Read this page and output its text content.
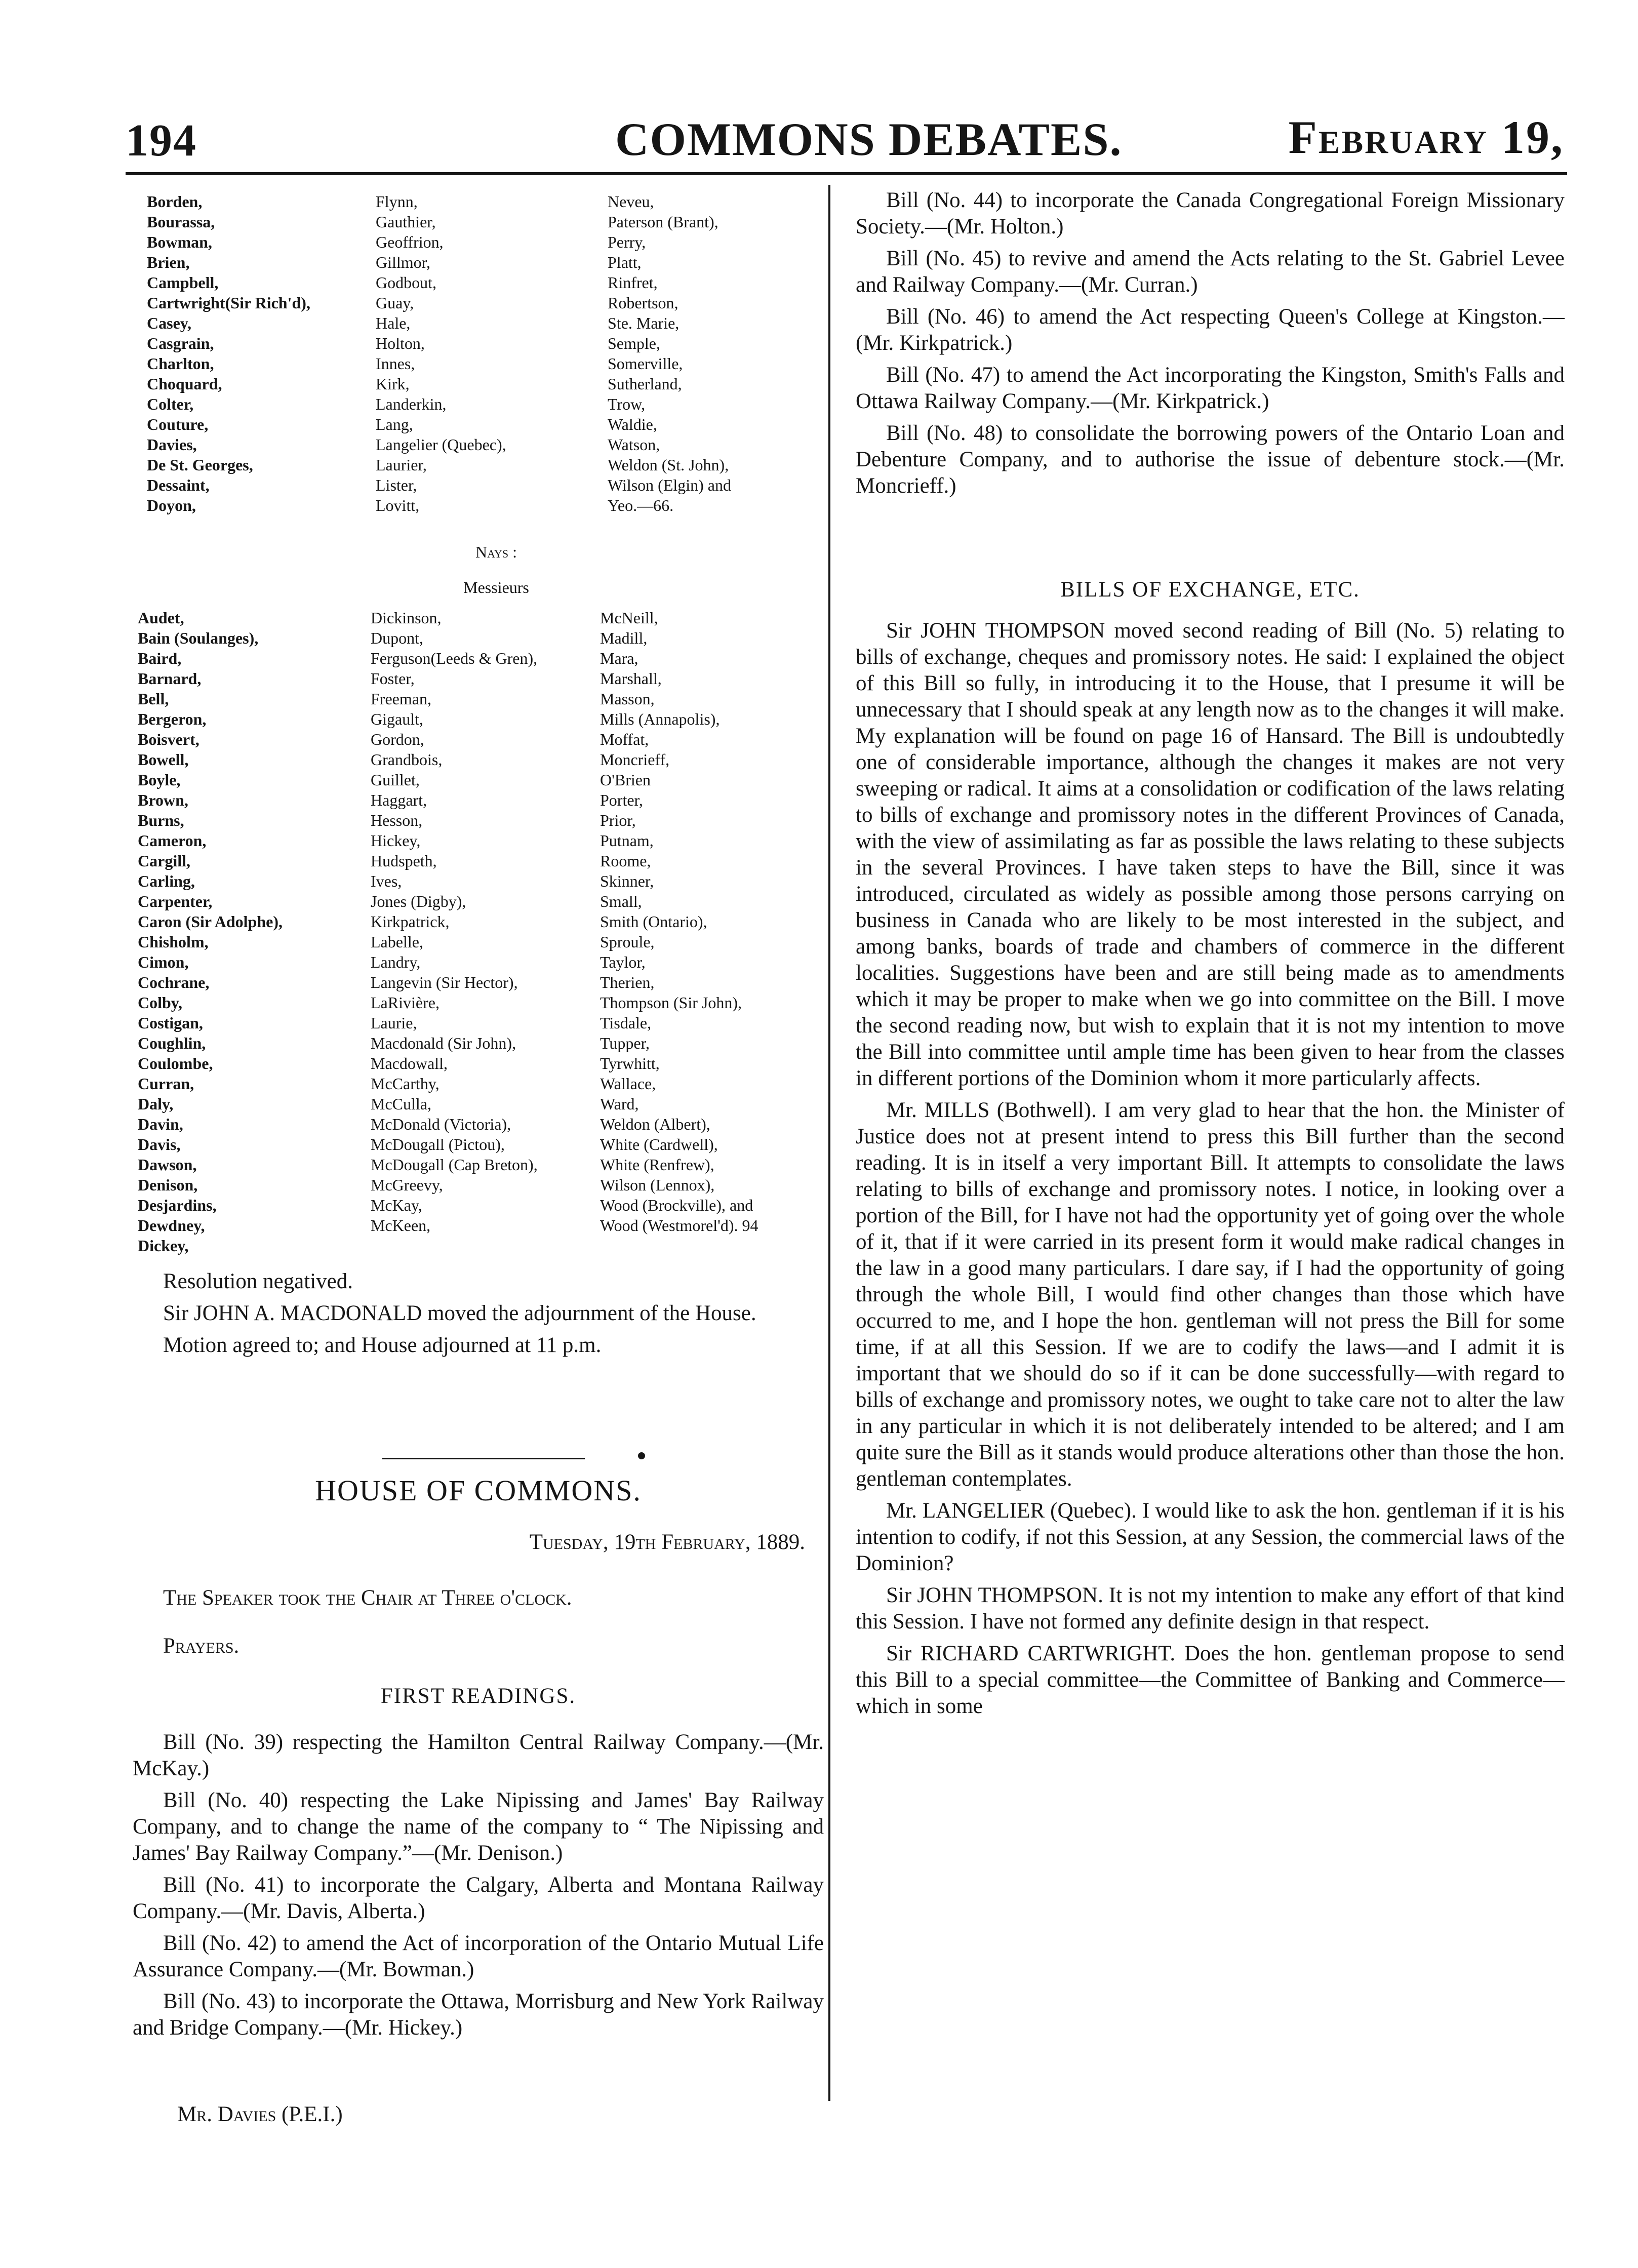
194	COMMONS DEBATES.	February 19,
Borden,
Bourassa,
Bowman,
Brien,
Campbell,
Cartwright(Sir Rich'd),
Casey,
Casgrain,
Charlton,
Choquard,
Colter,
Couture,
Davies,
De St. Georges,
Dessaint,
Doyon,
Flynn,
Gauthier,
Geoffrion,
Gillmor,
Godbout,
Guay,
Hale,
Holton,
Innes,
Kirk,
Landerkin,
Lang,
Langelier (Quebec),
Laurier,
Lister,
Lovitt,
Neveu,
Paterson (Brant),
Perry,
Platt,
Rinfret,
Robertson,
Ste. Marie,
Semple,
Somerville,
Sutherland,
Trow,
Waldie,
Watson,
Weldon (St. John),
Wilson (Elgin) and
Yeo.—66.
Nays :
Messieurs
Audet,
Bain (Soulanges),
Baird,
Barnard,
Bell,
Bergeron,
Boisvert,
Bowell,
Boyle,
Brown,
Burns,
Cameron,
Cargill,
Carling,
Carpenter,
Caron (Sir Adolphe),
Chisholm,
Cimon,
Cochrane,
Colby,
Costigan,
Coughlin,
Coulombe,
Curran,
Daly,
Davin,
Davis,
Dawson,
Denison,
Desjardins,
Dewdney,
Dickey,
Dickinson,
Dupont,
Ferguson(Leeds & Gren),
Foster,
Freeman,
Gigault,
Gordon,
Grandbois,
Guillet,
Haggart,
Hesson,
Hickey,
Hudspeth,
Ives,
Jones (Digby),
Kirkpatrick,
Labelle,
Landry,
Langevin (Sir Hector),
LaRivière,
Laurie,
Macdonald (Sir John),
Macdowall,
McCarthy,
McCulla,
McDonald (Victoria),
McDougall (Pictou),
McDougall (Cap Breton),
McGreevy,
McKay,
McKeen,
McNeill,
Madill,
Mara,
Marshall,
Masson,
Mills (Annapolis),
Moffat,
Moncrieff,
O'Brien
Porter,
Prior,
Putnam,
Roome,
Skinner,
Small,
Smith (Ontario),
Sproule,
Taylor,
Therien,
Thompson (Sir John),
Tisdale,
Tupper,
Tyrwhitt,
Wallace,
Ward,
Weldon (Albert),
White (Cardwell),
White (Renfrew),
Wilson (Lennox),
Wood (Brockville), and
Wood (Westmorel'd). 94

Resolution negatived.

Sir JOHN A. MACDONALD moved the adjournment of the House.

Motion agreed to; and House adjourned at 11 p.m.

HOUSE OF COMMONS.
Tuesday, 19th February, 1889.

The Speaker took the Chair at Three o'clock.

Prayers.
FIRST READINGS.

Bill (No. 39) respecting the Hamilton Central Railway Company.—(Mr. McKay.)

Bill (No. 40) respecting the Lake Nipissing and James' Bay Railway Company, and to change the name of the company to “ The Nipissing and James' Bay Railway Company.”—(Mr. Denison.)

Bill (No. 41) to incorporate the Calgary, Alberta and Montana Railway Company.—(Mr. Davis, Alberta.)

Bill (No. 42) to amend the Act of incorporation of the Ontario Mutual Life Assurance Company.—(Mr. Bowman.)

Bill (No. 43) to incorporate the Ottawa, Morrisburg and New York Railway and Bridge Company.—(Mr. Hickey.)

Mr. Davies (P.E.I.)

Bill (No. 44) to incorporate the Canada Congregational Foreign Missionary Society.—(Mr. Holton.)

Bill (No. 45) to revive and amend the Acts relating to the St. Gabriel Levee and Railway Company.—(Mr. Curran.)

Bill (No. 46) to amend the Act respecting Queen's College at Kingston.—(Mr. Kirkpatrick.)

Bill (No. 47) to amend the Act incorporating the Kingston, Smith's Falls and Ottawa Railway Company.—(Mr. Kirkpatrick.)

Bill (No. 48) to consolidate the borrowing powers of the Ontario Loan and Debenture Company, and to authorise the issue of debenture stock.—(Mr. Moncrieff.)

BILLS OF EXCHANGE, ETC.

Sir JOHN THOMPSON moved second reading of Bill (No. 5) relating to bills of exchange, cheques and promissory notes. He said: I explained the object of this Bill so fully, in introducing it to the House, that I presume it will be unnecessary that I should speak at any length now as to the changes it will make. My explanation will be found on page 16 of Hansard. The Bill is undoubtedly one of considerable importance, although the changes it makes are not very sweeping or radical. It aims at a consolidation or codification of the laws relating to bills of exchange and promissory notes in the different Provinces of Canada, with the view of assimilating as far as possible the laws relating to these subjects in the several Provinces. I have taken steps to have the Bill, since it was introduced, circulated as widely as possible among those persons carrying on business in Canada who are likely to be most interested in the subject, and among banks, boards of trade and chambers of commerce in the different localities. Suggestions have been and are still being made as to amendments which it may be proper to make when we go into committee on the Bill. I move the second reading now, but wish to explain that it is not my intention to move the Bill into committee until ample time has been given to hear from the classes in different portions of the Dominion whom it more particularly affects.

Mr. MILLS (Bothwell). I am very glad to hear that the hon. the Minister of Justice does not at present intend to press this Bill further than the second reading. It is in itself a very important Bill. It attempts to consolidate the laws relating to bills of exchange and promissory notes. I notice, in looking over a portion of the Bill, for I have not had the opportunity yet of going over the whole of it, that if it were carried in its present form it would make radical changes in the law in a good many particulars. I dare say, if I had the opportunity of going through the whole Bill, I would find other changes than those which have occurred to me, and I hope the hon. gentleman will not press the Bill for some time, if at all this Session. If we are to codify the laws—and I admit it is important that we should do so if it can be done successfully—with regard to bills of exchange and promissory notes, we ought to take care not to alter the law in any particular in which it is not deliberately intended to be altered; and I am quite sure the Bill as it stands would produce alterations other than those the hon. gentleman contemplates.

Mr. LANGELIER (Quebec). I would like to ask the hon. gentleman if it is his intention to codify, if not this Session, at any Session, the commercial laws of the Dominion?

Sir JOHN THOMPSON. It is not my intention to make any effort of that kind this Session. I have not formed any definite design in that respect.

Sir RICHARD CARTWRIGHT. Does the hon. gentleman propose to send this Bill to a special committee—the Committee of Banking and Commerce—which in some
